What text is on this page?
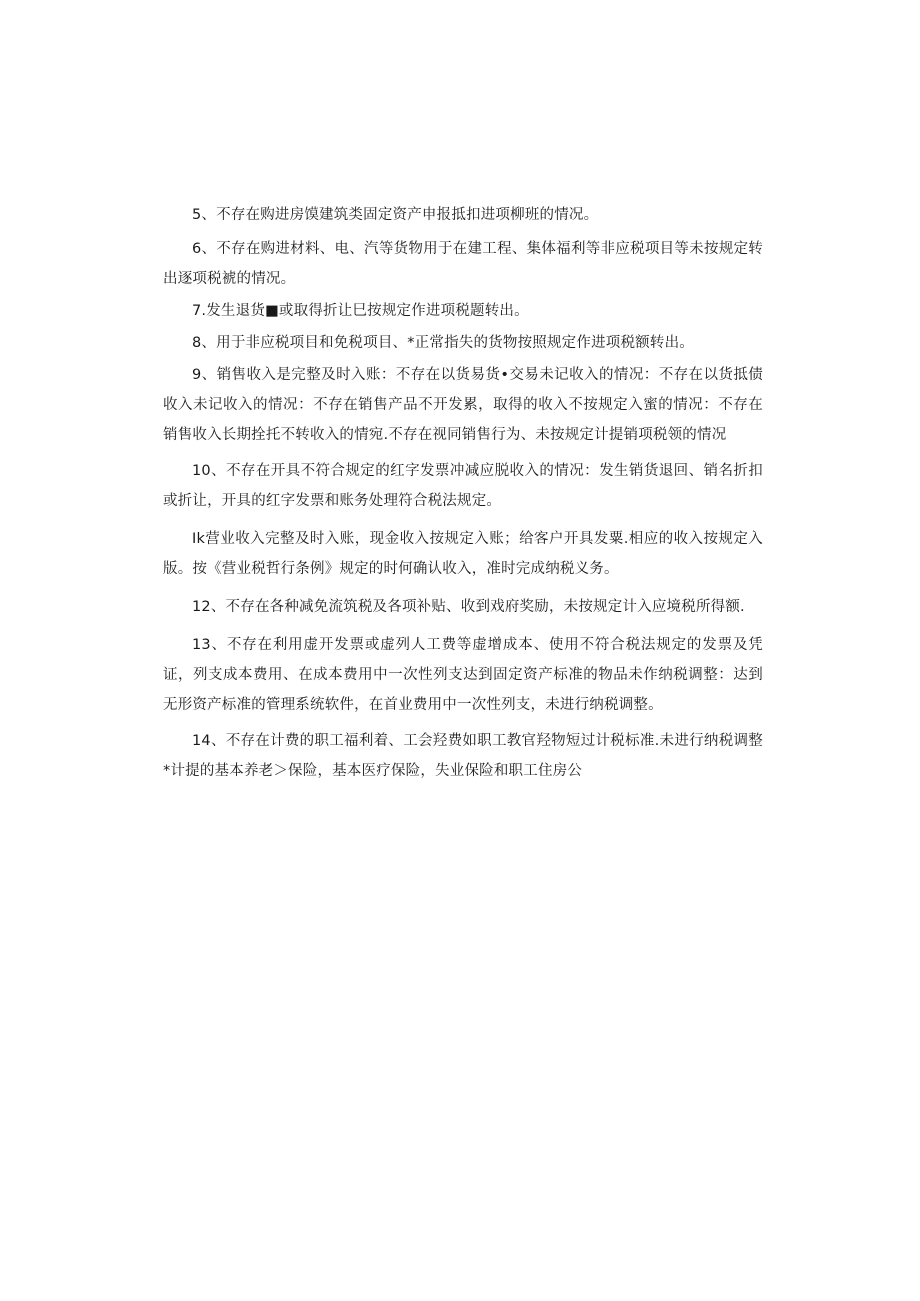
5、不存在购进房馍建筑类固定资产申报抵扣进项柳班的情况。

6、不存在购进材料、电、汽等货物用于在建工程、集体福利等非应税项目等未按规定转出逐项税裭的情况。

7.发生退货■或取得折让巳按规定作进项税题转出。

8、用于非应税项目和免税项目、*正常指失的货物按照规定作进项税额转出。

9、销售收入是完整及时入账：不存在以货易货•交易未记收入的情况：不存在以货抵债收入未记收入的情况：不存在销售产品不开发累，取得的收入不按规定入蜜的情况：不存在销售收入长期拴托不转收入的情宛.不存在视同销售行为、未按规定计提销项税领的情况

10、不存在开具不符合规定的红字发票冲减应脱收入的情况：发生销货退回、销名折扣或折让，开具的红字发票和账务处理符合税法规定。

Ik营业收入完整及时入账，现金收入按规定入账；给客户开具发粟.相应的收入按规定入版。按《营业税哲行条例》规定的时何确认收入，准时完成纳税义务。

12、不存在各种减免流筑税及各项补贴、收到戏府奖励，未按规定计入应境税所得额.

13、不存在利用虚开发票或虚列人工费等虚增成本、使用不符合税法规定的发票及凭证，列支成本费用、在成本费用中一次性列支达到固定资产标准的物品未作纳税调整：达到无形资产标准的管理系统软件，在首业费用中一次性列支，未进行纳税调整。

14、不存在计费的职工福利着、工会羟费如职工教官羟物短过计税标准.未进行纳税调整*计提的基本养老＞保险，基本医疗保险，失业保险和职工住房公
